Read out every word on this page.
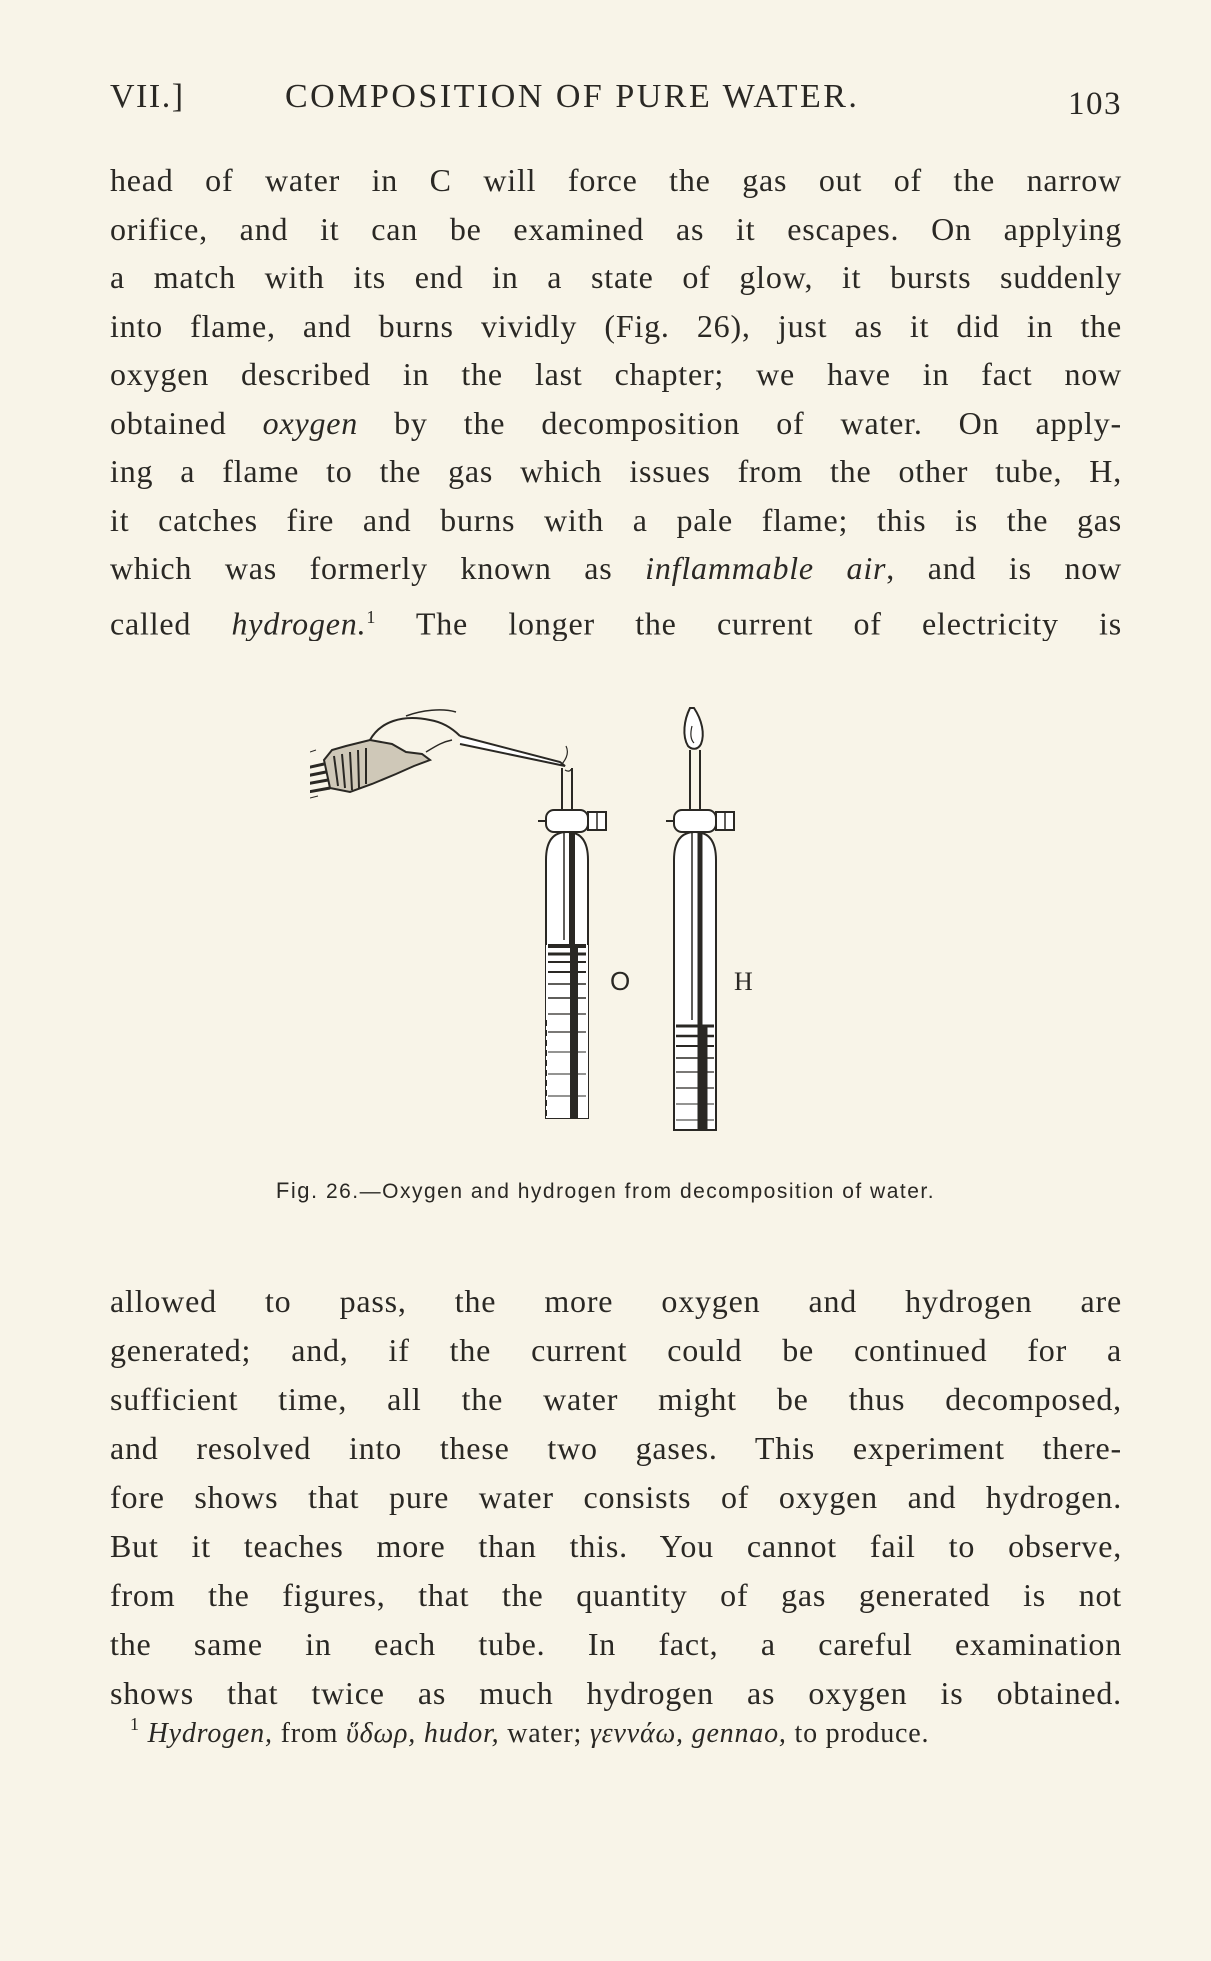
VII.]	COMPOSITION OF PURE WATER.	103
head of water in C will force the gas out of the narrow
orifice, and it can be examined as it escapes. On applying
a match with its end in a state of glow, it bursts suddenly
into flame, and burns vividly (Fig. 26), just as it did in the
oxygen described in the last chapter; we have in fact now
obtained oxygen by the decomposition of water. On apply-
ing a flame to the gas which issues from the other tube, H,
it catches fire and burns with a pale flame; this is the gas
which was formerly known as inflammable air, and is now
called hydrogen.$^1$ The longer the current of electricity is
O	H
Fig. 26.—Oxygen and hydrogen from decomposition of water.
allowed to pass, the more oxygen and hydrogen are
generated; and, if the current could be continued for a
sufficient time, all the water might be thus decomposed,
and resolved into these two gases. This experiment there-
fore shows that pure water consists of oxygen and hydrogen.
But it teaches more than this. You cannot fail to observe,
from the figures, that the quantity of gas generated is not
the same in each tube. In fact, a careful examination
shows that twice as much hydrogen as oxygen is obtained.
$^1$ Hydrogen, from ὕδωρ, hudor, water; γεννάω, gennao, to produce.
